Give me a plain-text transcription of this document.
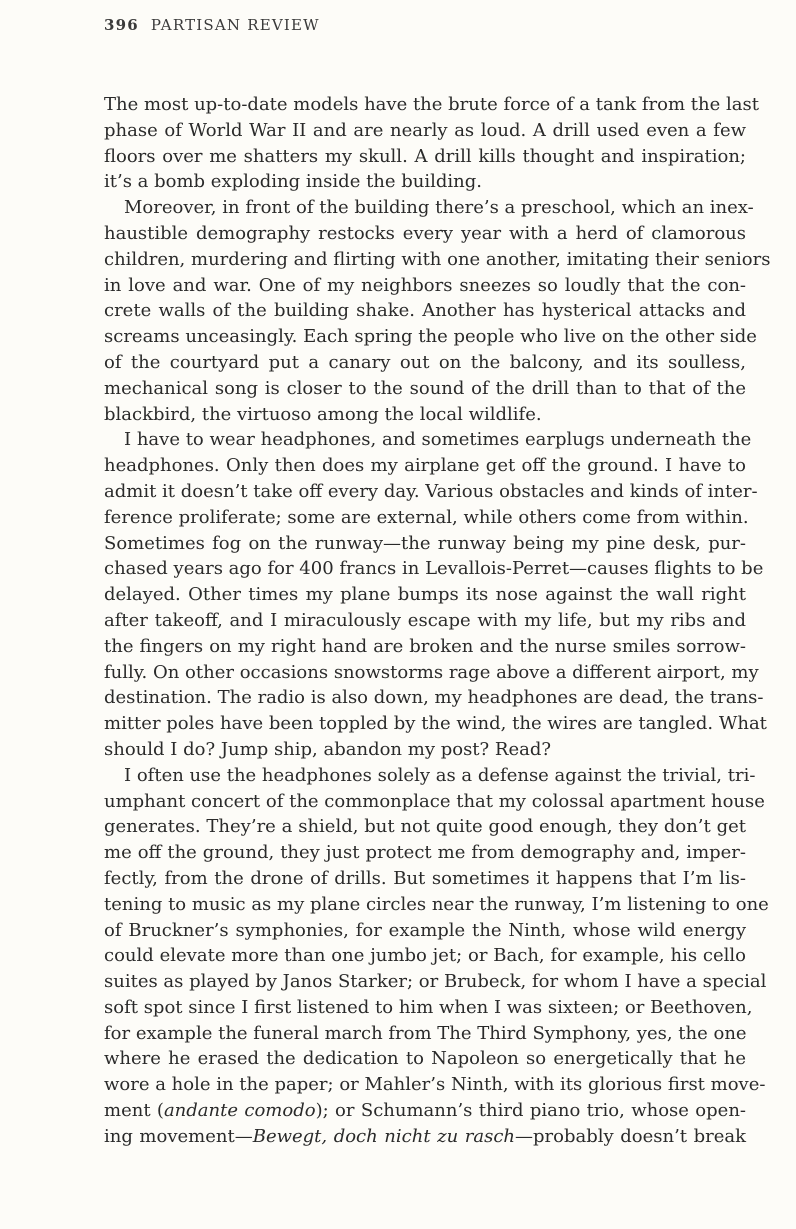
396 PARTISAN REVIEW
The most up-to-date models have the brute force of a tank from the last
phase of World War II and are nearly as loud. A drill used even a few
floors over me shatters my skull. A drill kills thought and inspiration;
it’s a bomb exploding inside the building.
Moreover, in front of the building there’s a preschool, which an inex-
haustible demography restocks every year with a herd of clamorous
children, murdering and flirting with one another, imitating their seniors
in love and war. One of my neighbors sneezes so loudly that the con-
crete walls of the building shake. Another has hysterical attacks and
screams unceasingly. Each spring the people who live on the other side
of the courtyard put a canary out on the balcony, and its soulless,
mechanical song is closer to the sound of the drill than to that of the
blackbird, the virtuoso among the local wildlife.
I have to wear headphones, and sometimes earplugs underneath the
headphones. Only then does my airplane get off the ground. I have to
admit it doesn’t take off every day. Various obstacles and kinds of inter-
ference proliferate; some are external, while others come from within.
Sometimes fog on the runway—the runway being my pine desk, pur-
chased years ago for 400 francs in Levallois-Perret—causes flights to be
delayed. Other times my plane bumps its nose against the wall right
after takeoff, and I miraculously escape with my life, but my ribs and
the fingers on my right hand are broken and the nurse smiles sorrow-
fully. On other occasions snowstorms rage above a different airport, my
destination. The radio is also down, my headphones are dead, the trans-
mitter poles have been toppled by the wind, the wires are tangled. What
should I do? Jump ship, abandon my post? Read?
I often use the headphones solely as a defense against the trivial, tri-
umphant concert of the commonplace that my colossal apartment house
generates. They’re a shield, but not quite good enough, they don’t get
me off the ground, they just protect me from demography and, imper-
fectly, from the drone of drills. But sometimes it happens that I’m lis-
tening to music as my plane circles near the runway, I’m listening to one
of Bruckner’s symphonies, for example the Ninth, whose wild energy
could elevate more than one jumbo jet; or Bach, for example, his cello
suites as played by Janos Starker; or Brubeck, for whom I have a special
soft spot since I first listened to him when I was sixteen; or Beethoven,
for example the funeral march from The Third Symphony, yes, the one
where he erased the dedication to Napoleon so energetically that he
wore a hole in the paper; or Mahler’s Ninth, with its glorious first move-
ment (andante comodo); or Schumann’s third piano trio, whose open-
ing movement—Bewegt, doch nicht zu rasch—probably doesn’t break
